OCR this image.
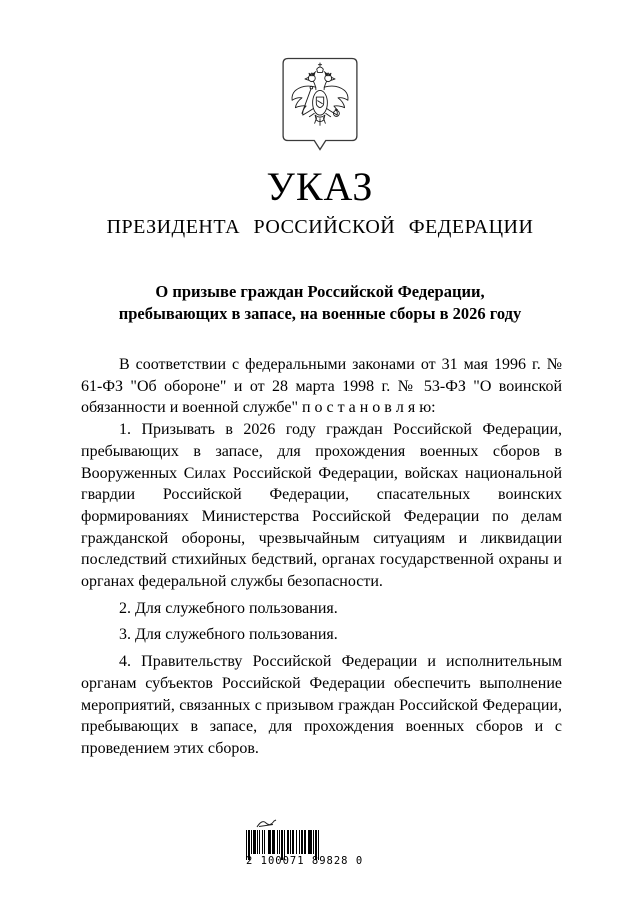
УКАЗ
ПРЕЗИДЕНТА РОССИЙСКОЙ ФЕДЕРАЦИИ
О призыве граждан Российской Федерации,
пребывающих в запасе, на военные сборы в 2026 году

В соответствии с федеральными законами от 31 мая 1996 г. № 61-ФЗ "Об обороне" и от 28 марта 1998 г. № 53-ФЗ "О воинской обязанности и военной службе" п о с т а н о в л я ю:

1. Призывать в 2026 году граждан Российской Федерации, пребывающих в запасе, для прохождения военных сборов в Вооруженных Силах Российской Федерации, войсках национальной гвардии Российской Федерации, спасательных воинских формированиях Министерства Российской Федерации по делам гражданской обороны, чрезвычайным ситуациям и ликвидации последствий стихийных бедствий, органах государственной охраны и органах федеральной службы безопасности.

2. Для служебного пользования.

3. Для служебного пользования.

4. Правительству Российской Федерации и исполнительным органам субъектов Российской Федерации обеспечить выполнение мероприятий, связанных с призывом граждан Российской Федерации, пребывающих в запасе, для прохождения военных сборов и с проведением этих сборов.

2 100071 89828 0
